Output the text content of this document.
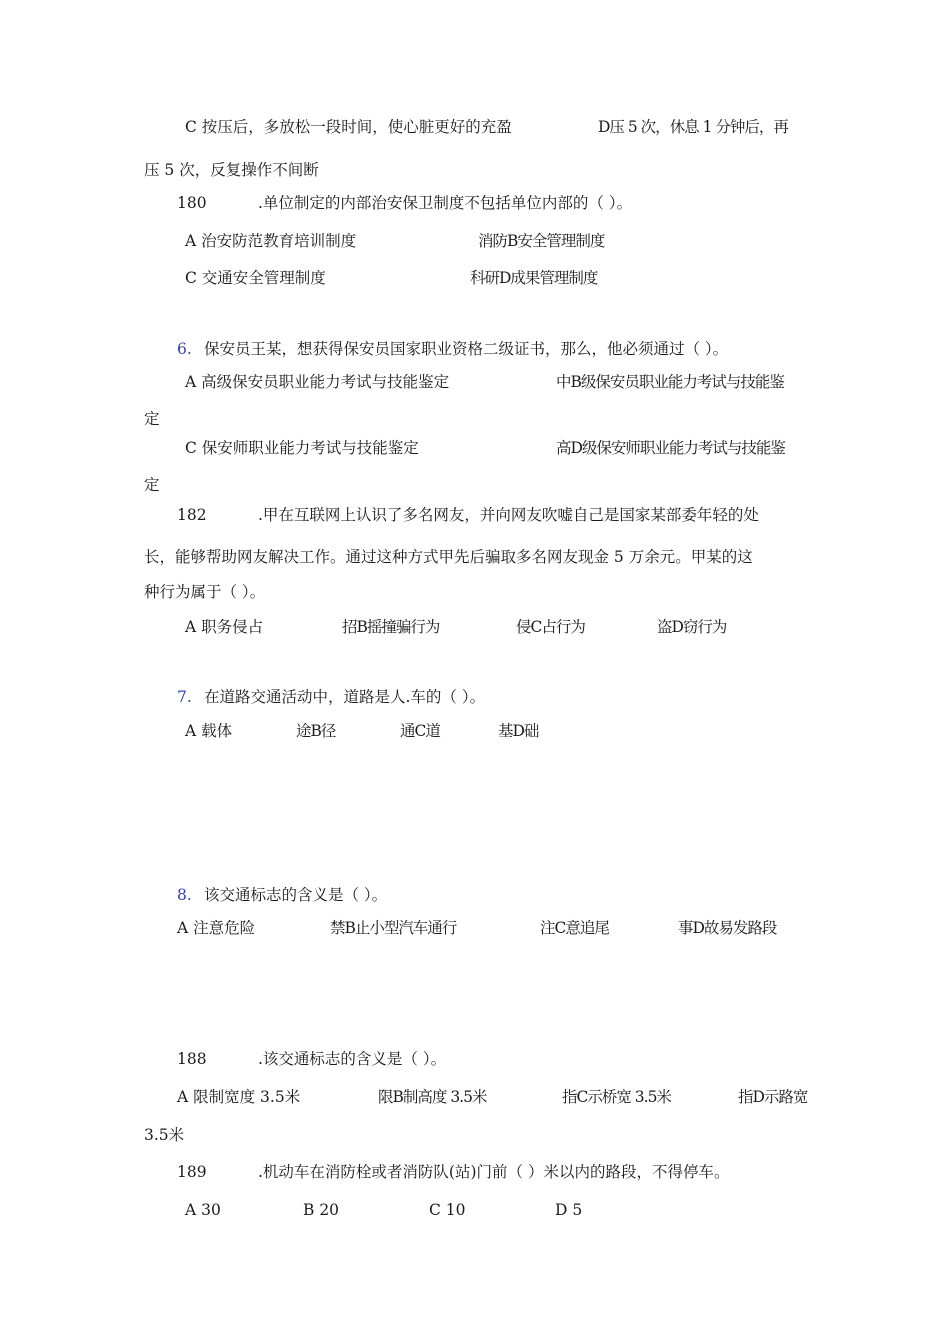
C 按压后，多放松一段时间，使心脏更好的充盈	D压 5 次，休息 1 分钟后，再
压 5 次，反复操作不间断
180	.单位制定的内部治安保卫制度不包括单位内部的（ ）。
A 治安防范教育培训制度	消防B安全管理制度
C 交通安全管理制度	科研D成果管理制度
6. 保安员王某，想获得保安员国家职业资格二级证书，那么，他必须通过（ ）。
A 高级保安员职业能力考试与技能鉴定	中B级保安员职业能力考试与技能鉴
定
C 保安师职业能力考试与技能鉴定	高D级保安师职业能力考试与技能鉴
定
182	.甲在互联网上认识了多名网友，并向网友吹嘘自己是国家某部委年轻的处
长，能够帮助网友解决工作。通过这种方式甲先后骗取多名网友现金 5 万余元。甲某的这
种行为属于（ ）。
A 职务侵占	招B摇撞骗行为	侵C占行为	盗D窃行为
7. 在道路交通活动中，道路是人.车的（ ）。
A 载体	途B径	通C道	基D础
8. 该交通标志的含义是（ ）。
A 注意危险	禁B止小型汽车通行	注C意追尾	事D故易发路段
188	.该交通标志的含义是（ ）。
A 限制宽度 3.5米	限B制高度 3.5米	指C示桥宽 3.5米	指D示路宽
3.5米
189	.机动车在消防栓或者消防队(站)门前（ ）米以内的路段，不得停车。
A 30	B 20	C 10	D 5
